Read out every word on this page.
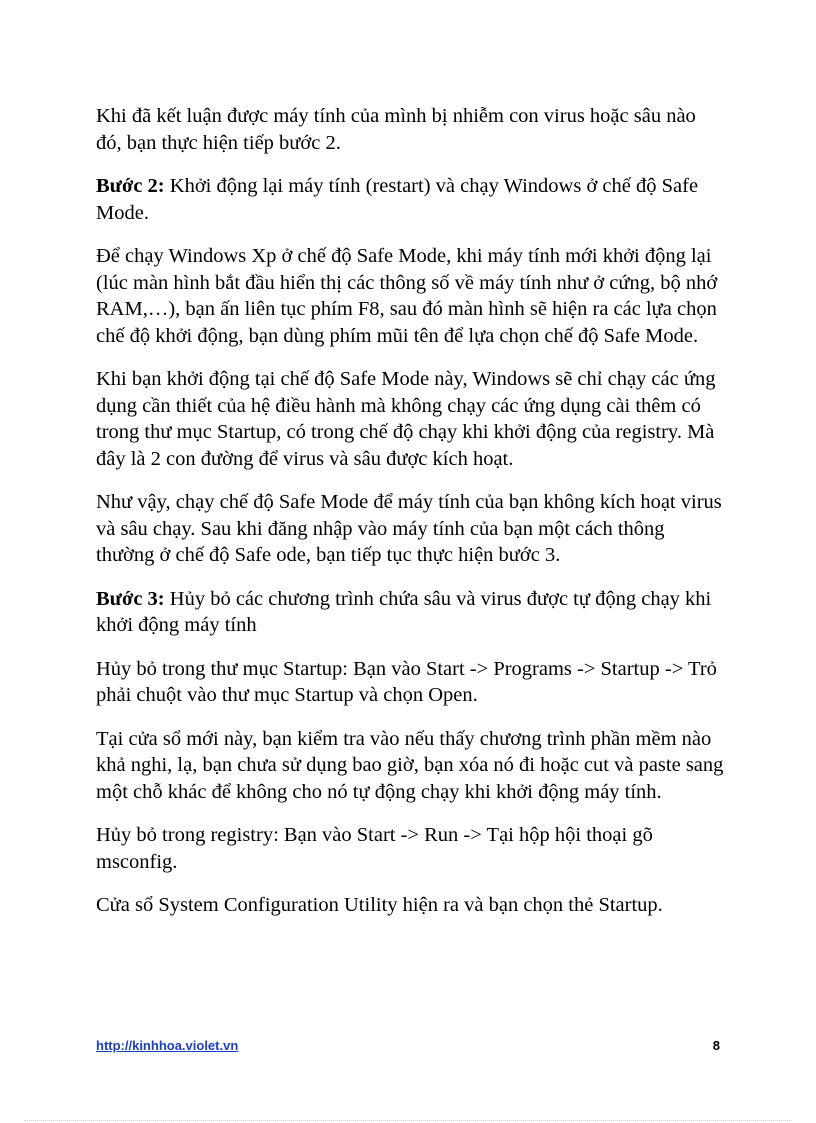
Khi đã kết luận được máy tính của mình bị nhiễm con virus hoặc sâu nào đó, bạn thực hiện tiếp bước 2.

Bước 2: Khởi động lại máy tính (restart) và chạy Windows ở chế độ Safe Mode.

Để chạy Windows Xp ở chế độ Safe Mode, khi máy tính mới khởi động lại (lúc màn hình bắt đầu hiển thị các thông số về máy tính như ở cứng, bộ nhớ RAM,…), bạn ấn liên tục phím F8, sau đó màn hình sẽ hiện ra các lựa chọn chế độ khởi động, bạn dùng phím mũi tên để lựa chọn chế độ Safe Mode.

Khi bạn khởi động tại chế độ Safe Mode này, Windows sẽ chỉ chạy các ứng dụng cần thiết của hệ điều hành mà không chạy các ứng dụng cài thêm có trong thư mục Startup, có trong chế độ chạy khi khởi động của registry. Mà đây là 2 con đường để virus và sâu được kích hoạt.

Như vậy, chạy chế độ Safe Mode để máy tính của bạn không kích hoạt virus và sâu chạy. Sau khi đăng nhập vào máy tính của bạn một cách thông thường ở chế độ Safe ode, bạn tiếp tục thực hiện bước 3.

Bước 3: Hủy bỏ các chương trình chứa sâu và virus được tự động chạy khi khởi động máy tính

Hủy bỏ trong thư mục Startup: Bạn vào Start -> Programs -> Startup -> Trỏ phải chuột vào thư mục Startup và chọn Open.

Tại cửa sổ mới này, bạn kiểm tra vào nếu thấy chương trình phần mềm nào khả nghi, lạ, bạn chưa sử dụng bao giờ, bạn xóa nó đi hoặc cut và paste sang một chỗ khác để không cho nó tự động chạy khi khởi động máy tính.

Hủy bỏ trong registry: Bạn vào Start -> Run -> Tại hộp hội thoại gõ msconfig.

Cửa sổ System Configuration Utility hiện ra và bạn chọn thẻ Startup.

http://kinhhoa.violet.vn	8
